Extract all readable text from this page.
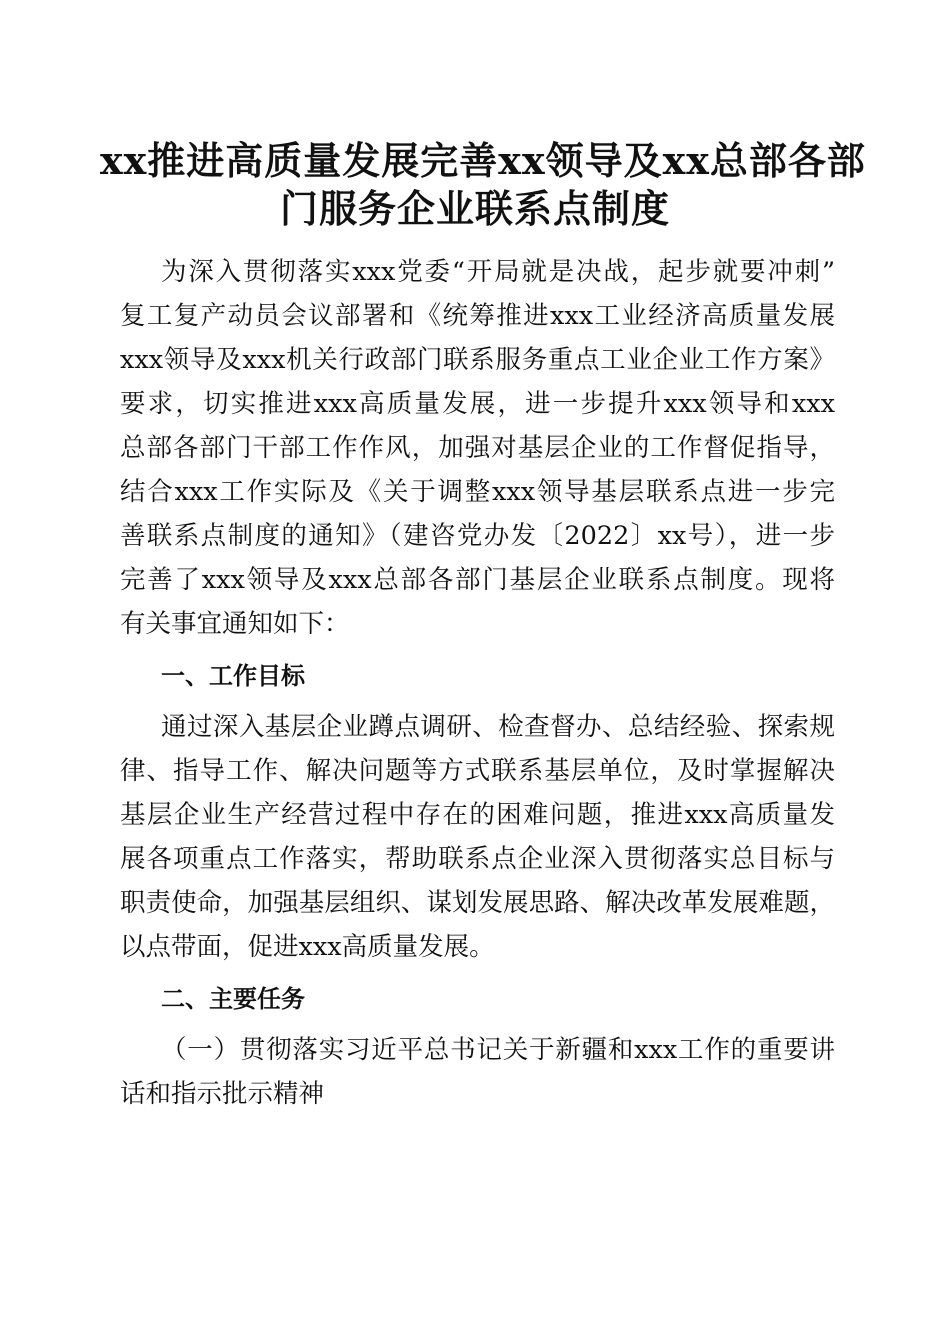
xx推进高质量发展完善xx领导及xx总部各部
门服务企业联系点制度

为深入贯彻落实xxx党委“开局就是决战，起步就要冲刺”

复工复产动员会议部署和《统筹推进xxx工业经济高质量发展

xxx领导及xxx机关行政部门联系服务重点工业企业工作方案》

要求，切实推进xxx高质量发展，进一步提升xxx领导和xxx

总部各部门干部工作作风，加强对基层企业的工作督促指导，

结合xxx工作实际及《关于调整xxx领导基层联系点进一步完

善联系点制度的通知》（建咨党办发〔2022〕xx号），进一步

完善了xxx领导及xxx总部各部门基层企业联系点制度。现将

有关事宜通知如下：

一、工作目标

通过深入基层企业蹲点调研、检查督办、总结经验、探索规

律、指导工作、解决问题等方式联系基层单位，及时掌握解决

基层企业生产经营过程中存在的困难问题，推进xxx高质量发

展各项重点工作落实，帮助联系点企业深入贯彻落实总目标与

职责使命，加强基层组织、谋划发展思路、解决改革发展难题，

以点带面，促进xxx高质量发展。

二、主要任务

（一）贯彻落实习近平总书记关于新疆和xxx工作的重要讲

话和指示批示精神
